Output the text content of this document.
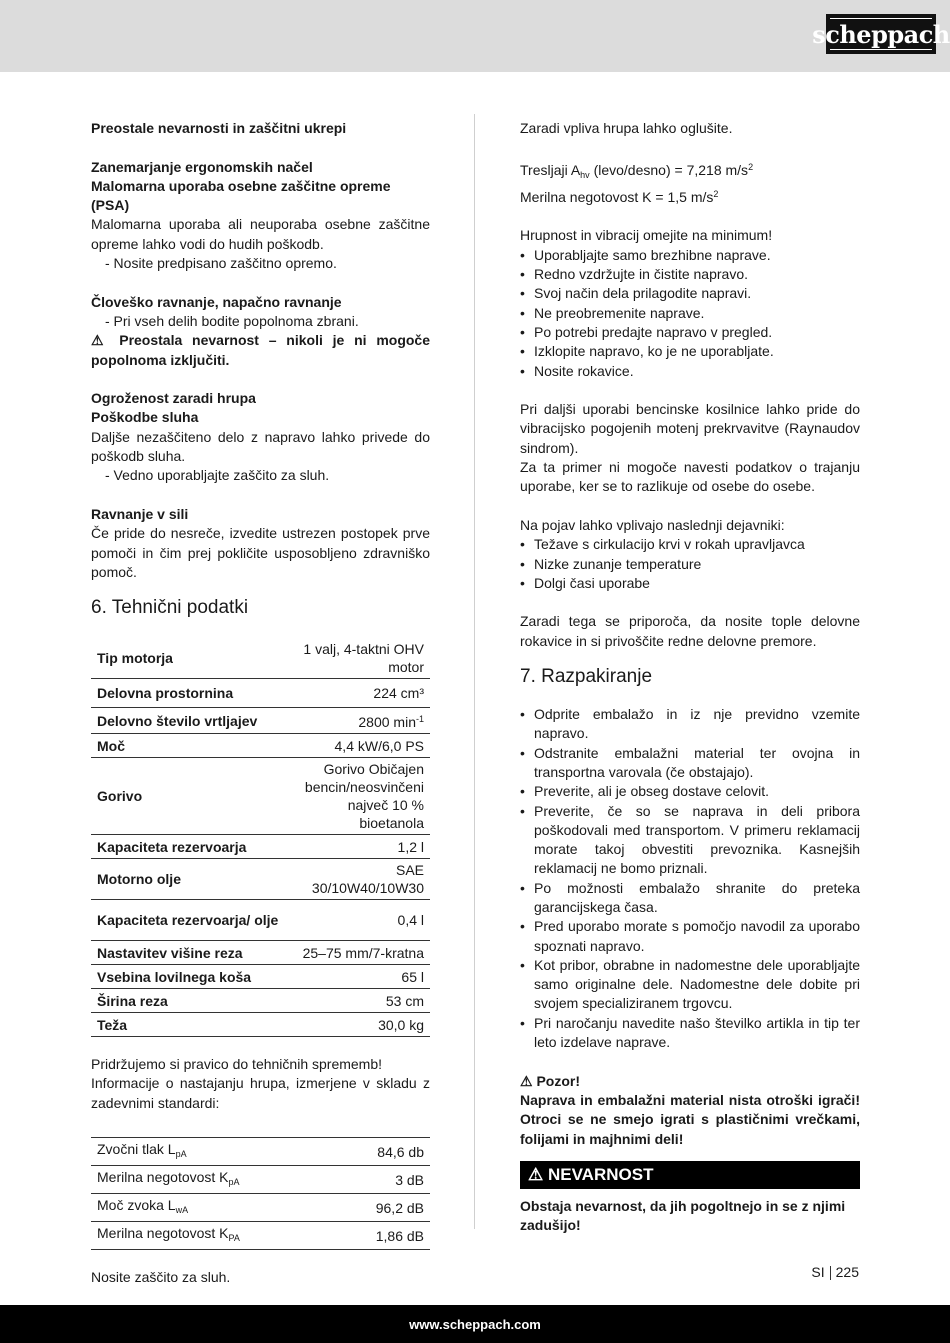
scheppach

Preostale nevarnosti in zaščitni ukrepi

Zanemarjanje ergonomskih načel

Malomarna uporaba osebne zaščitne opreme (PSA)

Malomarna uporaba ali neuporaba osebne zaščitne opreme lahko vodi do hudih poškodb.

- Nosite predpisano zaščitno opremo.

Človeško ravnanje, napačno ravnanje

- Pri vseh delih bodite popolnoma zbrani.

⚠ Preostala nevarnost – nikoli je ni mogoče popolnoma izključiti.

Ogroženost zaradi hrupa

Poškodbe sluha

Daljše nezaščiteno delo z napravo lahko privede do poškodb sluha.

- Vedno uporabljajte zaščito za sluh.

Ravnanje v sili

Če pride do nesreče, izvedite ustrezen postopek prve pomoči in čim prej pokličite usposobljeno zdravniško pomoč.

6. Tehnični podatki
Tip motorja	1 valj, 4-taktni OHV motor
Delovna prostornina	224 cm³
Delovno število vrtljajev	2800 $\min^{-1}$
Moč	4,4 kW/6,0 PS
Gorivo	Gorivo Običajen bencin/neosvinčeni največ 10 % bioetanola
Kapaciteta rezervoarja	1,2 l
Motorno olje	SAE 30/10W40/10W30
Kapaciteta rezervoarja/ olje	0,4 l
Nastavitev višine reza	25–75 mm/7-kratna
Vsebina lovilnega koša	65 l
Širina reza	53 cm
Teža	30,0 kg

Pridržujemo si pravico do tehničnih sprememb!

Informacije o nastajanju hrupa, izmerjene v skladu z zadevnimi standardi:

Zvočni tlak $L_{pA}$	84,6 db
Merilna negotovost $K_{pA}$	3 dB
Moč zvoka $L_{wA}$	96,2 dB
Merilna negotovost $K_{PA}$	1,86 dB

Nosite zaščito za sluh.

Zaradi vpliva hrupa lahko oglušite.

Tresljaji $A_{hv}$ (levo/desno) = 7,218 $m/s^2$

Merilna negotovost K = 1,5 $m/s^2$

Hrupnost in vibracij omejite na minimum!

• Uporabljajte samo brezhibne naprave.
• Redno vzdržujte in čistite napravo.
• Svoj način dela prilagodite napravi.
• Ne preobremenite naprave.
• Po potrebi predajte napravo v pregled.
• Izklopite napravo, ko je ne uporabljate.
• Nosite rokavice.

Pri daljši uporabi bencinske kosilnice lahko pride do vibracijsko pogojenih motenj prekrvavitve (Raynaudov sindrom).

Za ta primer ni mogoče navesti podatkov o trajanju uporabe, ker se to razlikuje od osebe do osebe.

Na pojav lahko vplivajo naslednji dejavniki:

• Težave s cirkulacijo krvi v rokah upravljavca
• Nizke zunanje temperature
• Dolgi časi uporabe

Zaradi tega se priporoča, da nosite tople delovne rokavice in si privoščite redne delovne premore.

7. Razpakiranje
• Odprite embalažo in iz nje previdno vzemite napravo.
• Odstranite embalažni material ter ovojna in transportna varovala (če obstajajo).
• Preverite, ali je obseg dostave celovit.
• Preverite, če so se naprava in deli pribora poškodovali med transportom. V primeru reklamacij morate takoj obvestiti prevoznika. Kasnejših reklamacij ne bomo priznali.
• Po možnosti embalažo shranite do preteka garancijskega časa.
• Pred uporabo morate s pomočjo navodil za uporabo spoznati napravo.
• Kot pribor, obrabne in nadomestne dele uporabljajte samo originalne dele. Nadomestne dele dobite pri svojem specializiranem trgovcu.
• Pri naročanju navedite našo številko artikla in tip ter leto izdelave naprave.

⚠ Pozor!

Naprava in embalažni material nista otroški igrači! Otroci se ne smejo igrati s plastičnimi vrečkami, folijami in majhnimi deli!

⚠
NEVARNOST

Obstaja nevarnost, da jih pogoltnejo in se z njimi zadušijo!

SI 225
www.scheppach.com
